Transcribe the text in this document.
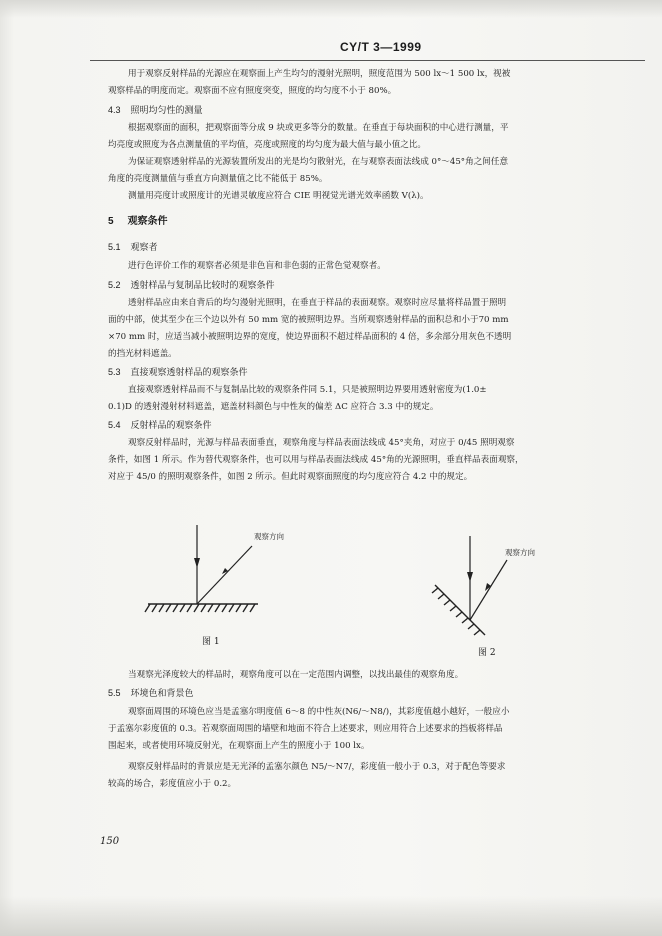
CY/T 3—1999
用于观察反射样品的光源应在观察面上产生均匀的漫射光照明，照度范围为 500 lx～1 500 lx，视被
观察样品的明度而定。观察面不应有照度突变，照度的均匀度不小于 80%。
4.3 照明均匀性的测量
根据观察面的面积，把观察面等分成 9 块或更多等分的数量。在垂直于每块面积的中心进行测量，平
均亮度或照度为各点测量值的平均值，亮度或照度的均匀度为最大值与最小值之比。
为保证观察透射样品的光源装置所发出的光是均匀散射光，在与观察表面法线成 0°～45°角之间任意
角度的亮度测量值与垂直方向测量值之比不能低于 85%。
测量用亮度计或照度计的光谱灵敏度应符合 CIE 明视觉光谱光效率函数 V(λ)。
5 观察条件
5.1 观察者
进行色评价工作的观察者必须是非色盲和非色弱的正常色觉观察者。
5.2 透射样品与复制品比较时的观察条件
透射样品应由来自背后的均匀漫射光照明，在垂直于样品的表面观察。观察时应尽量将样品置于照明
面的中部，使其至少在三个边以外有 50 mm 宽的被照明边界。当所观察透射样品的面积总和小于70 mm
×70 mm 时，应适当减小被照明边界的宽度，使边界面积不超过样品面积的 4 倍，多余部分用灰色不透明
的挡光材料遮盖。
5.3 直接观察透射样品的观察条件
直接观察透射样品而不与复制品比较的观察条件同 5.1，只是被照明边界要用透射密度为(1.0±
0.1)D 的透射漫射材料遮盖，遮盖材料颜色与中性灰的偏差 ΔC 应符合 3.3 中的规定。
5.4 反射样品的观察条件
观察反射样品时，光源与样品表面垂直，观察角度与样品表面法线成 45°夹角，对应于 0/45 照明观察
条件，如图 1 所示。作为替代观察条件，也可以用与样品表面法线成 45°角的光源照明，垂直样品表面观察，
对应于 45/0 的照明观察条件，如图 2 所示。但此时观察面照度的均匀度应符合 4.2 中的规定。
观察方向
图 1
观察方向
图 2
当观察光泽度较大的样品时，观察角度可以在一定范围内调整，以找出最佳的观察角度。
5.5 环境色和背景色
观察面周围的环境色应当是孟塞尔明度值 6～8 的中性灰(N6/～N8/)，其彩度值越小越好，一般应小
于孟塞尔彩度值的 0.3。若观察面周围的墙壁和地面不符合上述要求，则应用符合上述要求的挡板将样品
围起来，或者使用环境反射光，在观察面上产生的照度小于 100 lx。
观察反射样品时的背景应是无光泽的孟塞尔颜色 N5/～N7/，彩度值一般小于 0.3，对于配色等要求
较高的场合，彩度值应小于 0.2。
150
